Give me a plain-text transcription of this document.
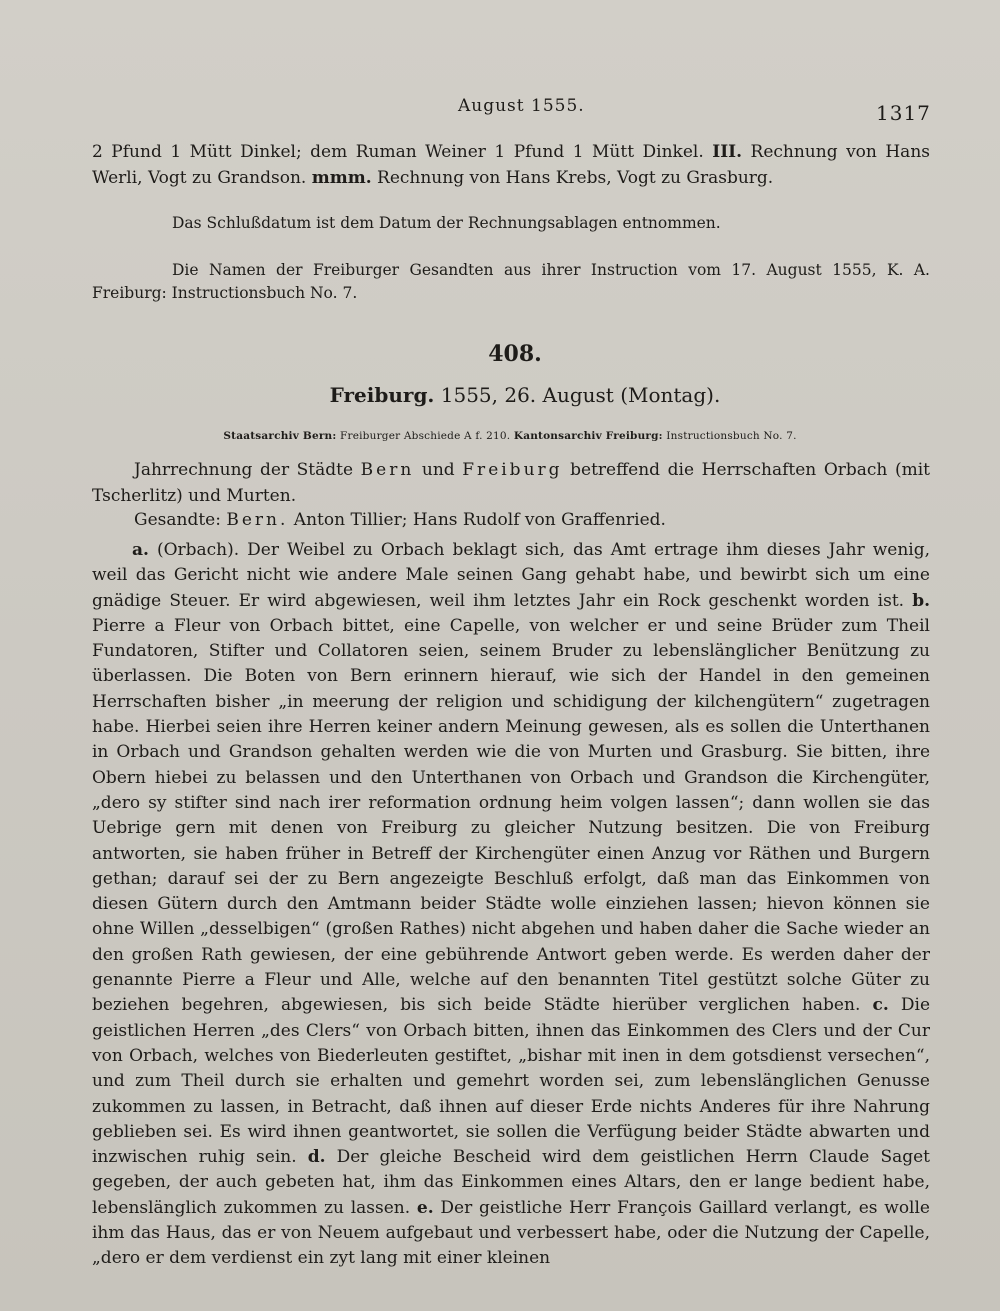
August 1555.	1317
2 Pfund 1 Mütt Dinkel; dem Ruman Weiner 1 Pfund 1 Mütt Dinkel. III. Rechnung von Hans Werli, Vogt zu Grandson. mmm. Rechnung von Hans Krebs, Vogt zu Grasburg.
Das Schlußdatum ist dem Datum der Rechnungsablagen entnommen.
Die Namen der Freiburger Gesandten aus ihrer Instruction vom 17. August 1555, K. A. Freiburg: Instructionsbuch No. 7.
408.
Freiburg. 1555, 26. August (Montag).
Staatsarchiv Bern: Freiburger Abschiede A f. 210. Kantonsarchiv Freiburg: Instructionsbuch No. 7.
Jahrrechnung der Städte Bern und Freiburg betreffend die Herrschaften Orbach (mit Tscherlitz) und Murten.
Gesandte: Bern. Anton Tillier; Hans Rudolf von Graffenried.
a. (Orbach). Der Weibel zu Orbach beklagt sich, das Amt ertrage ihm dieses Jahr wenig, weil das Gericht nicht wie andere Male seinen Gang gehabt habe, und bewirbt sich um eine gnädige Steuer. Er wird abgewiesen, weil ihm letztes Jahr ein Rock geschenkt worden ist. b. Pierre a Fleur von Orbach bittet, eine Capelle, von welcher er und seine Brüder zum Theil Fundatoren, Stifter und Collatoren seien, seinem Bruder zu lebenslänglicher Benützung zu überlassen. Die Boten von Bern erinnern hierauf, wie sich der Handel in den gemeinen Herrschaften bisher „in meerung der religion und schidigung der kilchengütern“ zugetragen habe. Hierbei seien ihre Herren keiner andern Meinung gewesen, als es sollen die Unterthanen in Orbach und Grandson gehalten werden wie die von Murten und Grasburg. Sie bitten, ihre Obern hiebei zu belassen und den Unterthanen von Orbach und Grandson die Kirchengüter, „dero sy stifter sind nach irer reformation ordnung heim volgen lassen“; dann wollen sie das Uebrige gern mit denen von Freiburg zu gleicher Nutzung besitzen. Die von Freiburg antworten, sie haben früher in Betreff der Kirchengüter einen Anzug vor Räthen und Burgern gethan; darauf sei der zu Bern angezeigte Beschluß erfolgt, daß man das Einkommen von diesen Gütern durch den Amtmann beider Städte wolle einziehen lassen; hievon können sie ohne Willen „desselbigen“ (großen Rathes) nicht abgehen und haben daher die Sache wieder an den großen Rath gewiesen, der eine gebührende Antwort geben werde. Es werden daher der genannte Pierre a Fleur und Alle, welche auf den benannten Titel gestützt solche Güter zu beziehen begehren, abgewiesen, bis sich beide Städte hierüber verglichen haben. c. Die geistlichen Herren „des Clers“ von Orbach bitten, ihnen das Einkommen des Clers und der Cur von Orbach, welches von Biederleuten gestiftet, „bishar mit inen in dem gotsdienst versechen“, und zum Theil durch sie erhalten und gemehrt worden sei, zum lebenslänglichen Genusse zukommen zu lassen, in Betracht, daß ihnen auf dieser Erde nichts Anderes für ihre Nahrung geblieben sei. Es wird ihnen geantwortet, sie sollen die Verfügung beider Städte abwarten und inzwischen ruhig sein. d. Der gleiche Bescheid wird dem geistlichen Herrn Claude Saget gegeben, der auch gebeten hat, ihm das Einkommen eines Altars, den er lange bedient habe, lebenslänglich zukommen zu lassen. e. Der geistliche Herr François Gaillard verlangt, es wolle ihm das Haus, das er von Neuem aufgebaut und verbessert habe, oder die Nutzung der Capelle, „dero er dem verdienst ein zyt lang mit einer kleinen
